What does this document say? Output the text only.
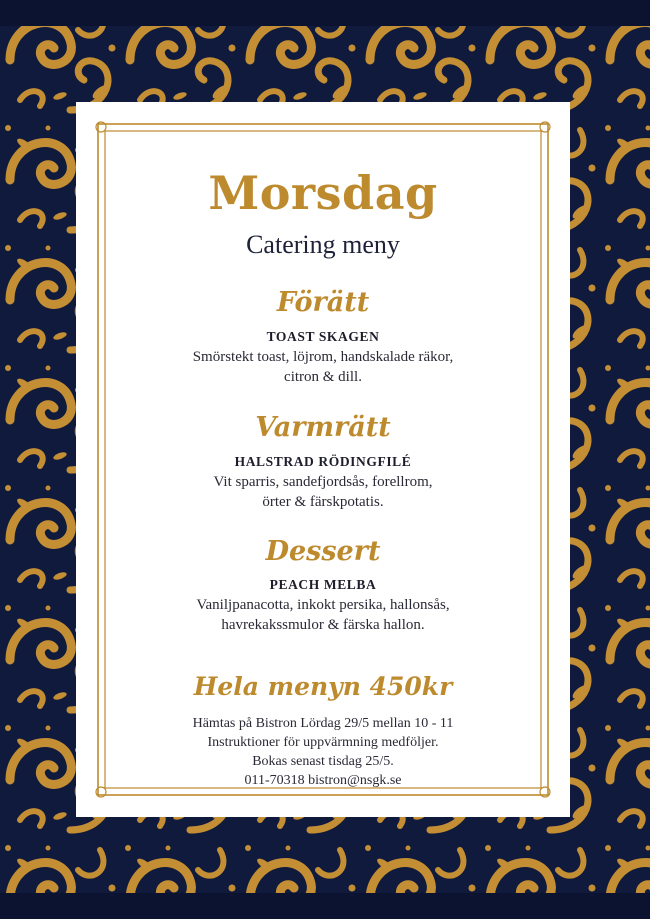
Morsdag
Catering meny
Förätt
TOAST SKAGEN
Smörstekt toast, löjrom, handskalade räkor,
citron & dill.
Varmrätt
HALSTRAD RÖDINGFILÉ
Vit sparris, sandefjordsås, forellrom,
örter & färskpotatis.
Dessert
PEACH MELBA
Vaniljpanacotta, inkokt persika, hallonsås,
havrekakssmulor & färska hallon.
Hela menyn 450kr
Hämtas på Bistron Lördag 29/5 mellan 10 - 11
Instruktioner för uppvärmning medföljer.
Bokas senast tisdag 25/5.
011-70318 bistron@nsgk.se
